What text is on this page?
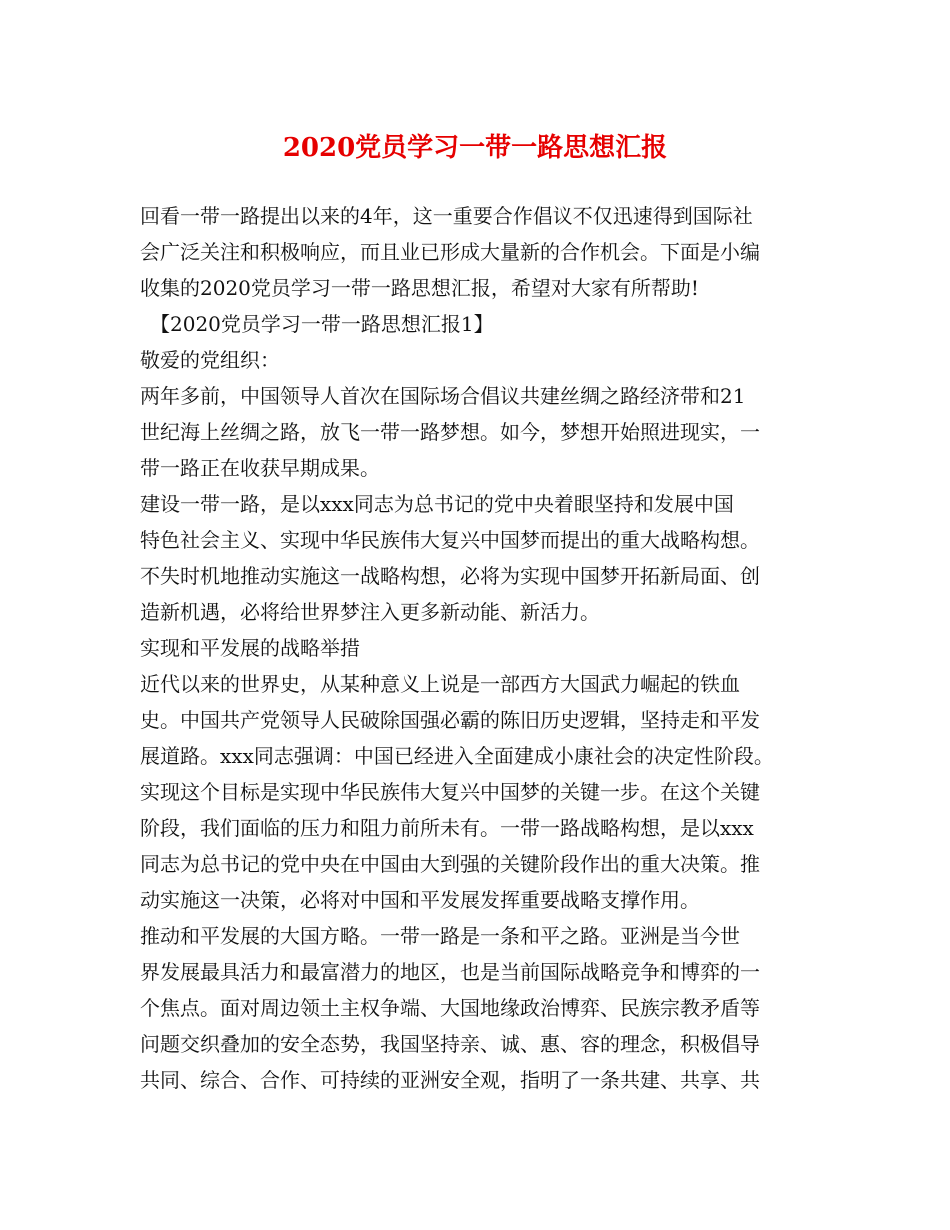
2020党员学习一带一路思想汇报
回看一带一路提出以来的4年，这一重要合作倡议不仅迅速得到国际社
会广泛关注和积极响应，而且业已形成大量新的合作机会。下面是小编
收集的2020党员学习一带一路思想汇报，希望对大家有所帮助!
　【2020党员学习一带一路思想汇报1】
敬爱的党组织：
两年多前，中国领导人首次在国际场合倡议共建丝绸之路经济带和21
世纪海上丝绸之路，放飞一带一路梦想。如今，梦想开始照进现实，一
带一路正在收获早期成果。
建设一带一路，是以xxx同志为总书记的党中央着眼坚持和发展中国
特色社会主义、实现中华民族伟大复兴中国梦而提出的重大战略构想。
不失时机地推动实施这一战略构想，必将为实现中国梦开拓新局面、创
造新机遇，必将给世界梦注入更多新动能、新活力。
实现和平发展的战略举措
近代以来的世界史，从某种意义上说是一部西方大国武力崛起的铁血
史。中国共产党领导人民破除国强必霸的陈旧历史逻辑，坚持走和平发
展道路。xxx同志强调：中国已经进入全面建成小康社会的决定性阶段。
实现这个目标是实现中华民族伟大复兴中国梦的关键一步。在这个关键
阶段，我们面临的压力和阻力前所未有。一带一路战略构想，是以xxx
同志为总书记的党中央在中国由大到强的关键阶段作出的重大决策。推
动实施这一决策，必将对中国和平发展发挥重要战略支撑作用。
推动和平发展的大国方略。一带一路是一条和平之路。亚洲是当今世
界发展最具活力和最富潜力的地区，也是当前国际战略竞争和博弈的一
个焦点。面对周边领土主权争端、大国地缘政治博弈、民族宗教矛盾等
问题交织叠加的安全态势，我国坚持亲、诚、惠、容的理念，积极倡导
共同、综合、合作、可持续的亚洲安全观，指明了一条共建、共享、共
